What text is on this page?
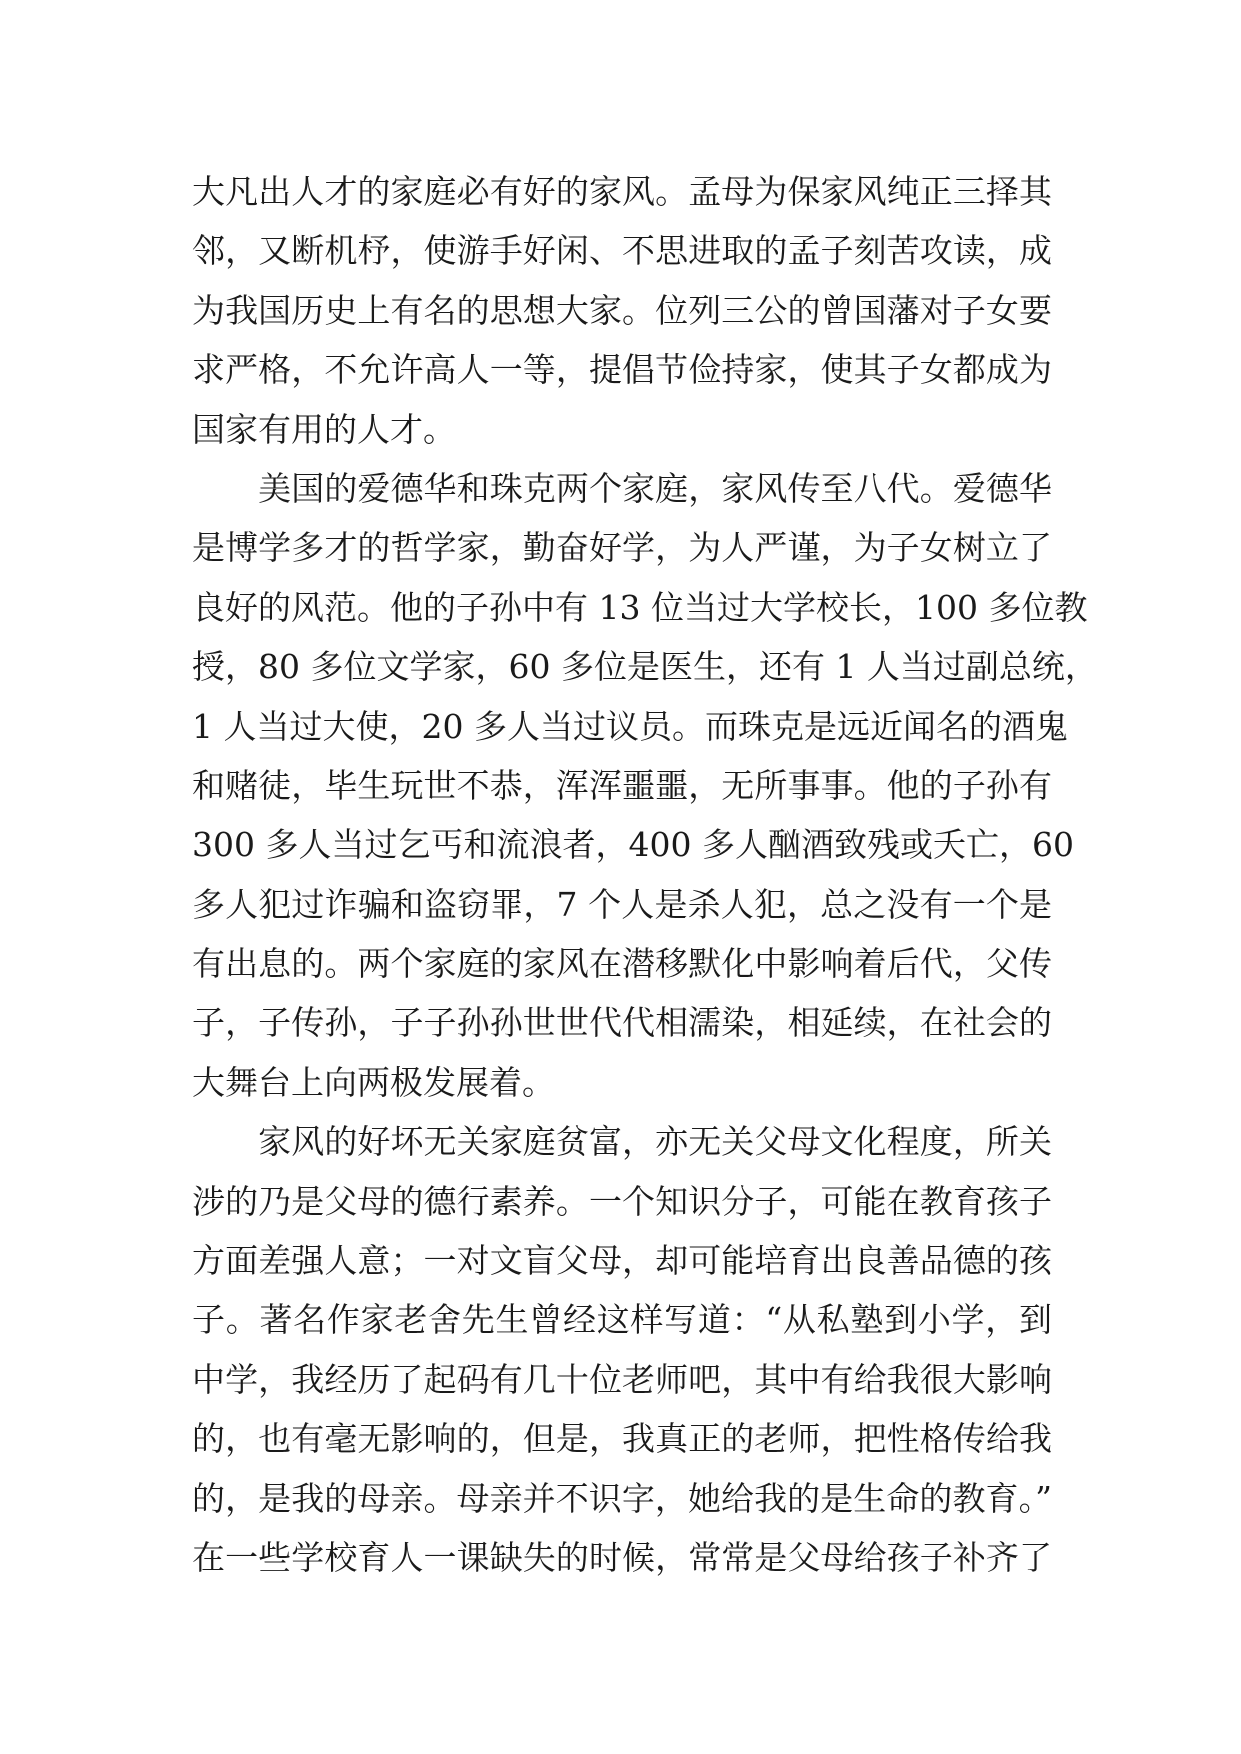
大凡出人才的家庭必有好的家风。孟母为保家风纯正三择其
邻，又断机杼，使游手好闲、不思进取的孟子刻苦攻读，成
为我国历史上有名的思想大家。位列三公的曾国藩对子女要
求严格，不允许高人一等，提倡节俭持家，使其子女都成为
国家有用的人才。
　　美国的爱德华和珠克两个家庭，家风传至八代。爱德华
是博学多才的哲学家，勤奋好学，为人严谨，为子女树立了
良好的风范。他的子孙中有 13 位当过大学校长，100 多位教
授，80 多位文学家，60 多位是医生，还有 1 人当过副总统，
1 人当过大使，20 多人当过议员。而珠克是远近闻名的酒鬼
和赌徒，毕生玩世不恭，浑浑噩噩，无所事事。他的子孙有
300 多人当过乞丐和流浪者，400 多人酗酒致残或夭亡，60
多人犯过诈骗和盗窃罪，7 个人是杀人犯，总之没有一个是
有出息的。两个家庭的家风在潜移默化中影响着后代，父传
子，子传孙，子子孙孙世世代代相濡染，相延续，在社会的
大舞台上向两极发展着。
　　家风的好坏无关家庭贫富，亦无关父母文化程度，所关
涉的乃是父母的德行素养。一个知识分子，可能在教育孩子
方面差强人意；一对文盲父母，却可能培育出良善品德的孩
子。著名作家老舍先生曾经这样写道：“从私塾到小学，到
中学，我经历了起码有几十位老师吧，其中有给我很大影响
的，也有毫无影响的，但是，我真正的老师，把性格传给我
的，是我的母亲。母亲并不识字，她给我的是生命的教育。”
在一些学校育人一课缺失的时候，常常是父母给孩子补齐了
